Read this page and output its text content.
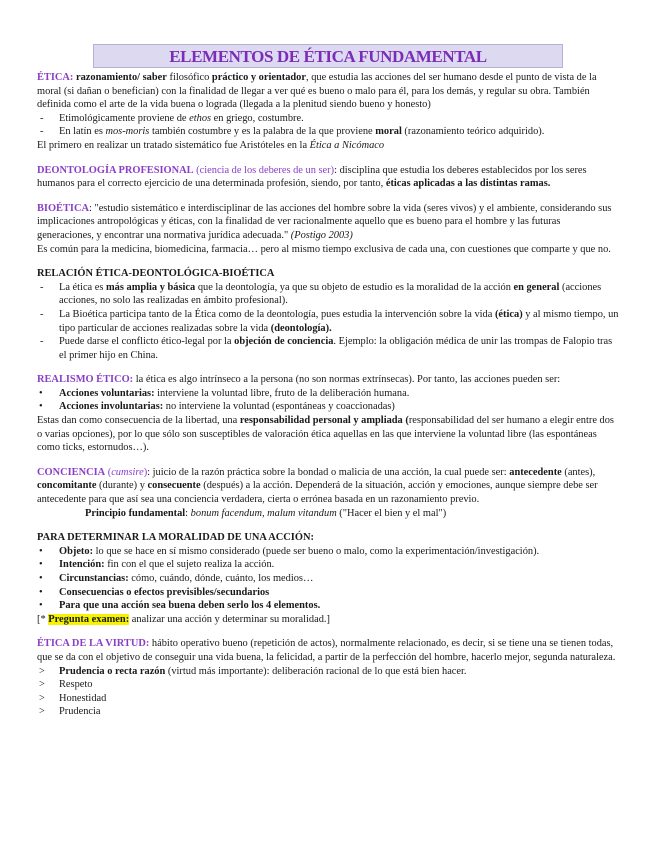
ELEMENTOS DE ÉTICA FUNDAMENTAL

ÉTICA: razonamiento/ saber filosófico práctico y orientador, que estudia las acciones del ser humano desde el punto de vista de la moral (si dañan o benefician) con la finalidad de llegar a ver qué es bueno o malo para él, para los demás, y regular su obra. También definida como el arte de la vida buena o lograda (llegada a la plenitud siendo bueno y honesto)

- Etimológicamente proviene de ethos en griego, costumbre.
- En latín es mos-moris también costumbre y es la palabra de la que proviene moral (razonamiento teórico adquirido).

El primero en realizar un tratado sistemático fue Aristóteles en la Ética a Nicómaco

DEONTOLOGÍA PROFESIONAL (ciencia de los deberes de un ser): disciplina que estudia los deberes establecidos por los seres humanos para el correcto ejercicio de una determinada profesión, siendo, por tanto, éticas aplicadas a las distintas ramas.

BIOÉTICA: "estudio sistemático e interdisciplinar de las acciones del hombre sobre la vida (seres vivos) y el ambiente, considerando sus implicaciones antropológicas y éticas, con la finalidad de ver racionalmente aquello que es bueno para el hombre y las futuras generaciones, y encontrar una normativa jurídica adecuada." (Postigo 2003)

Es común para la medicina, biomedicina, farmacia… pero al mismo tiempo exclusiva de cada una, con cuestiones que comparte y que no.

RELACIÓN ÉTICA-DEONTOLÓGICA-BIOÉTICA

- La ética es más amplia y básica que la deontología, ya que su objeto de estudio es la moralidad de la acción en general (acciones acciones, no solo las realizadas en ámbito profesional).
- La Bioética participa tanto de la Ética como de la deontología, pues estudia la intervención sobre la vida (ética) y al mismo tiempo, un tipo particular de acciones realizadas sobre la vida (deontología).
- Puede darse el conflicto ético-legal por la objeción de conciencia. Ejemplo: la obligación médica de unir las trompas de Falopio tras el primer hijo en China.

REALISMO ÉTICO: la ética es algo intrínseco a la persona (no son normas extrínsecas). Por tanto, las acciones pueden ser:

• Acciones voluntarias: interviene la voluntad libre, fruto de la deliberación humana.
• Acciones involuntarias: no interviene la voluntad (espontáneas y coaccionadas)

Estas dan como consecuencia de la libertad, una responsabilidad personal y ampliada (responsabilidad del ser humano a elegir entre dos o varias opciones), por lo que sólo son susceptibles de valoración ética aquellas en las que interviene la voluntad libre (las espontáneas como ticks, estornudos…).

CONCIENCIA (cumsire): juicio de la razón práctica sobre la bondad o malicia de una acción, la cual puede ser: antecedente (antes), concomitante (durante) y consecuente (después) a la acción. Dependerá de la situación, acción y emociones, aunque siempre debe ser antecedente para que así sea una conciencia verdadera, cierta o errónea basada en un razonamiento previo.

Principio fundamental: bonum facendum, malum vitandum ("Hacer el bien y el mal")

PARA DETERMINAR LA MORALIDAD DE UNA ACCIÓN:

• Objeto: lo que se hace en sí mismo considerado (puede ser bueno o malo, como la experimentación/investigación).
• Intención: fin con el que el sujeto realiza la acción.
• Circunstancias: cómo, cuándo, dónde, cuánto, los medios…
• Consecuencias o efectos previsibles/secundarios
• Para que una acción sea buena deben serlo los 4 elementos.

[* Pregunta examen: analizar una acción y determinar su moralidad.]

ÉTICA DE LA VIRTUD: hábito operativo bueno (repetición de actos), normalmente relacionado, es decir, si se tiene una se tienen todas, que se da con el objetivo de conseguir una vida buena, la felicidad, a partir de la perfección del hombre, hacerlo mejor, segunda naturaleza.

> Prudencia o recta razón (virtud más importante): deliberación racional de lo que está bien hacer.
> Respeto
> Honestidad
> Prudencia
